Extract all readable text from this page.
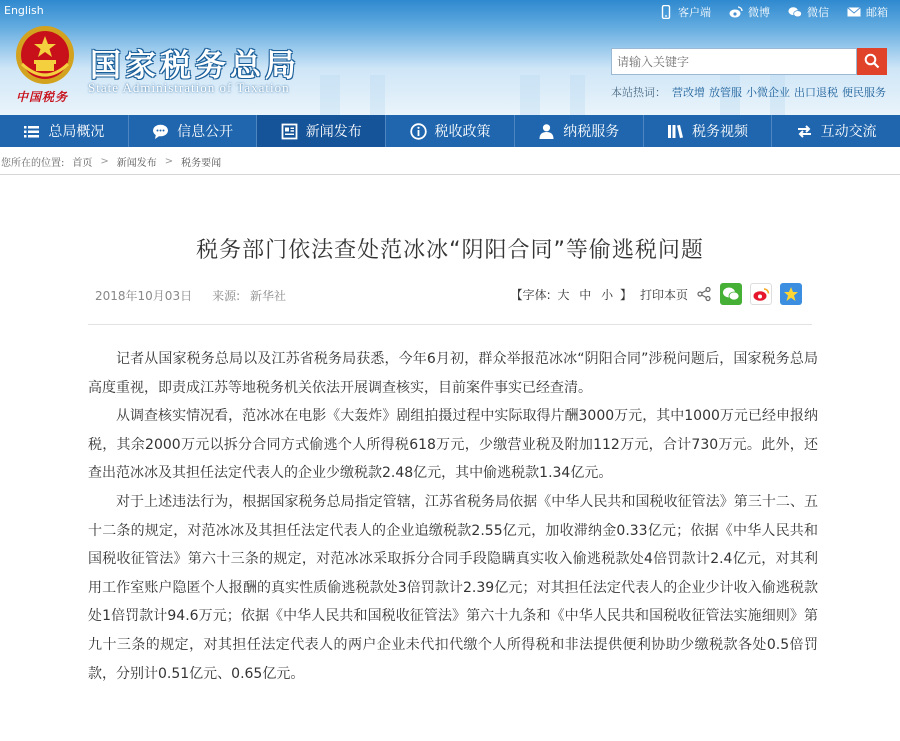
English	客户端	微博	微信	邮箱
中国税务
国家税务总局
State Administration of Taxation
请输入关键字	本站热词： 营改增 放管服 小微企业 出口退税 便民服务
总局概况	信息公开	新闻发布	税收政策	纳税服务	税务视频	互动交流
您所在的位置: 首页 > 新闻发布 > 税务要闻
税务部门依法查处范冰冰“阴阳合同”等偷逃税问题
2018年10月03日 来源: 新华社	【字体: 大 中 小 】 打印本页

记者从国家税务总局以及江苏省税务局获悉，今年6月初，群众举报范冰冰“阴阳合同”涉税问题后，国家税务总局高度重视，即责成江苏等地税务机关依法开展调查核实，目前案件事实已经查清。

从调查核实情况看，范冰冰在电影《大轰炸》剧组拍摄过程中实际取得片酬3000万元，其中1000万元已经申报纳税，其余2000万元以拆分合同方式偷逃个人所得税618万元，少缴营业税及附加112万元，合计730万元。此外，还查出范冰冰及其担任法定代表人的企业少缴税款2.48亿元，其中偷逃税款1.34亿元。

对于上述违法行为，根据国家税务总局指定管辖，江苏省税务局依据《中华人民共和国税收征管法》第三十二、五十二条的规定，对范冰冰及其担任法定代表人的企业追缴税款2.55亿元，加收滞纳金0.33亿元；依据《中华人民共和国税收征管法》第六十三条的规定，对范冰冰采取拆分合同手段隐瞒真实收入偷逃税款处4倍罚款计2.4亿元，对其利用工作室账户隐匿个人报酬的真实性质偷逃税款处3倍罚款计2.39亿元；对其担任法定代表人的企业少计收入偷逃税款处1倍罚款计94.6万元；依据《中华人民共和国税收征管法》第六十九条和《中华人民共和国税收征管法实施细则》第九十三条的规定，对其担任法定代表人的两户企业未代扣代缴个人所得税和非法提供便利协助少缴税款各处0.5倍罚款，分别计0.51亿元、0.65亿元。
